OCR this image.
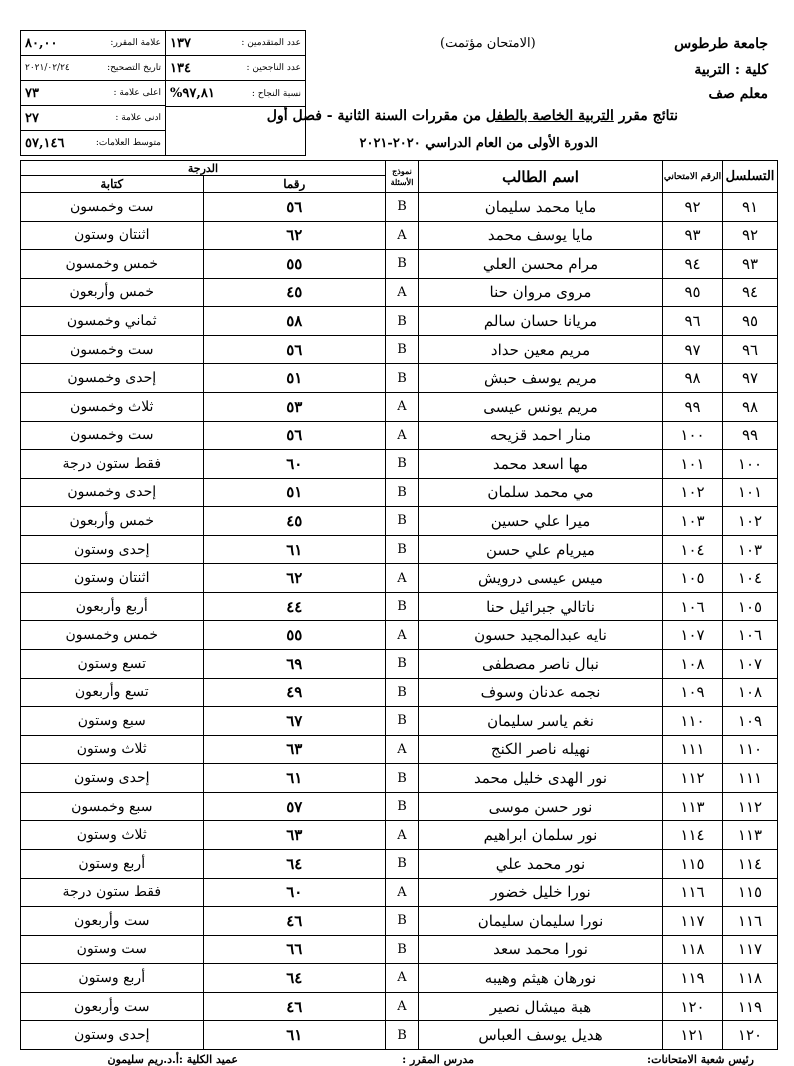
عدد المتقدمين :
١٣٧
عدد الناجحين :
١٣٤
نسبة النجاح :
%٩٧,٨١
علامة المقرر:
٨٠,٠٠
تاريخ التصحيح:
٢٠٢١/٠٢/٢٤
اعلى علامة :
٧٣
ادنى علامة :
٢٧
متوسط العلامات:
٥٧,١٤٦
(الامتحان مؤتمت)	جامعة طرطوس
كلية : التربية
معلم صف
نتائج مقرر التربية الخاصة بالطفل من مقررات السنة الثانية - فصل أول
الدورة الأولى من العام الدراسي ٢٠٢٠-٢٠٢١
التسلسل	الرقم الامتحاني	اسم الطالب	نموذج الأسئلة	الدرجة	
				رقما	كتابة
٩١	٩٢	مايا محمد سليمان	B	٥٦	ست وخمسون
٩٢	٩٣	مايا يوسف محمد	A	٦٢	اثنتان وستون
٩٣	٩٤	مرام محسن العلي	B	٥٥	خمس وخمسون
٩٤	٩٥	مروى مروان حنا	A	٤٥	خمس وأربعون
٩٥	٩٦	مريانا حسان سالم	B	٥٨	ثماني وخمسون
٩٦	٩٧	مريم معين حداد	B	٥٦	ست وخمسون
٩٧	٩٨	مريم يوسف حبش	B	٥١	إحدى وخمسون
٩٨	٩٩	مريم يونس عيسى	A	٥٣	ثلاث وخمسون
٩٩	١٠٠	منار احمد قزيحه	A	٥٦	ست وخمسون
١٠٠	١٠١	مها اسعد محمد	B	٦٠	فقط ستون درجة
١٠١	١٠٢	مي محمد سلمان	B	٥١	إحدى وخمسون
١٠٢	١٠٣	ميرا علي حسين	B	٤٥	خمس وأربعون
١٠٣	١٠٤	ميريام علي حسن	B	٦١	إحدى وستون
١٠٤	١٠٥	ميس عيسى درويش	A	٦٢	اثنتان وستون
١٠٥	١٠٦	ناتالي جبرائيل حنا	B	٤٤	أربع وأربعون
١٠٦	١٠٧	نايه عبدالمجيد حسون	A	٥٥	خمس وخمسون
١٠٧	١٠٨	نبال ناصر مصطفى	B	٦٩	تسع وستون
١٠٨	١٠٩	نجمه عدنان وسوف	B	٤٩	تسع وأربعون
١٠٩	١١٠	نغم ياسر سليمان	B	٦٧	سبع وستون
١١٠	١١١	نهيله ناصر الكنج	A	٦٣	ثلاث وستون
١١١	١١٢	نور الهدى خليل محمد	B	٦١	إحدى وستون
١١٢	١١٣	نور حسن موسى	B	٥٧	سبع وخمسون
١١٣	١١٤	نور سلمان ابراهيم	A	٦٣	ثلاث وستون
١١٤	١١٥	نور محمد علي	B	٦٤	أربع وستون
١١٥	١١٦	نورا خليل خضور	A	٦٠	فقط ستون درجة
١١٦	١١٧	نورا سليمان سليمان	B	٤٦	ست وأربعون
١١٧	١١٨	نورا محمد سعد	B	٦٦	ست وستون
١١٨	١١٩	نورهان هيثم وهيبه	A	٦٤	أربع وستون
١١٩	١٢٠	هبة ميشال نصير	A	٤٦	ست وأربعون
١٢٠	١٢١	هديل يوسف العباس	B	٦١	إحدى وستون
رئيس شعبة الامتحانات:
مدرس المقرر :
عميد الكلية :أ.د.ريم سليمون
